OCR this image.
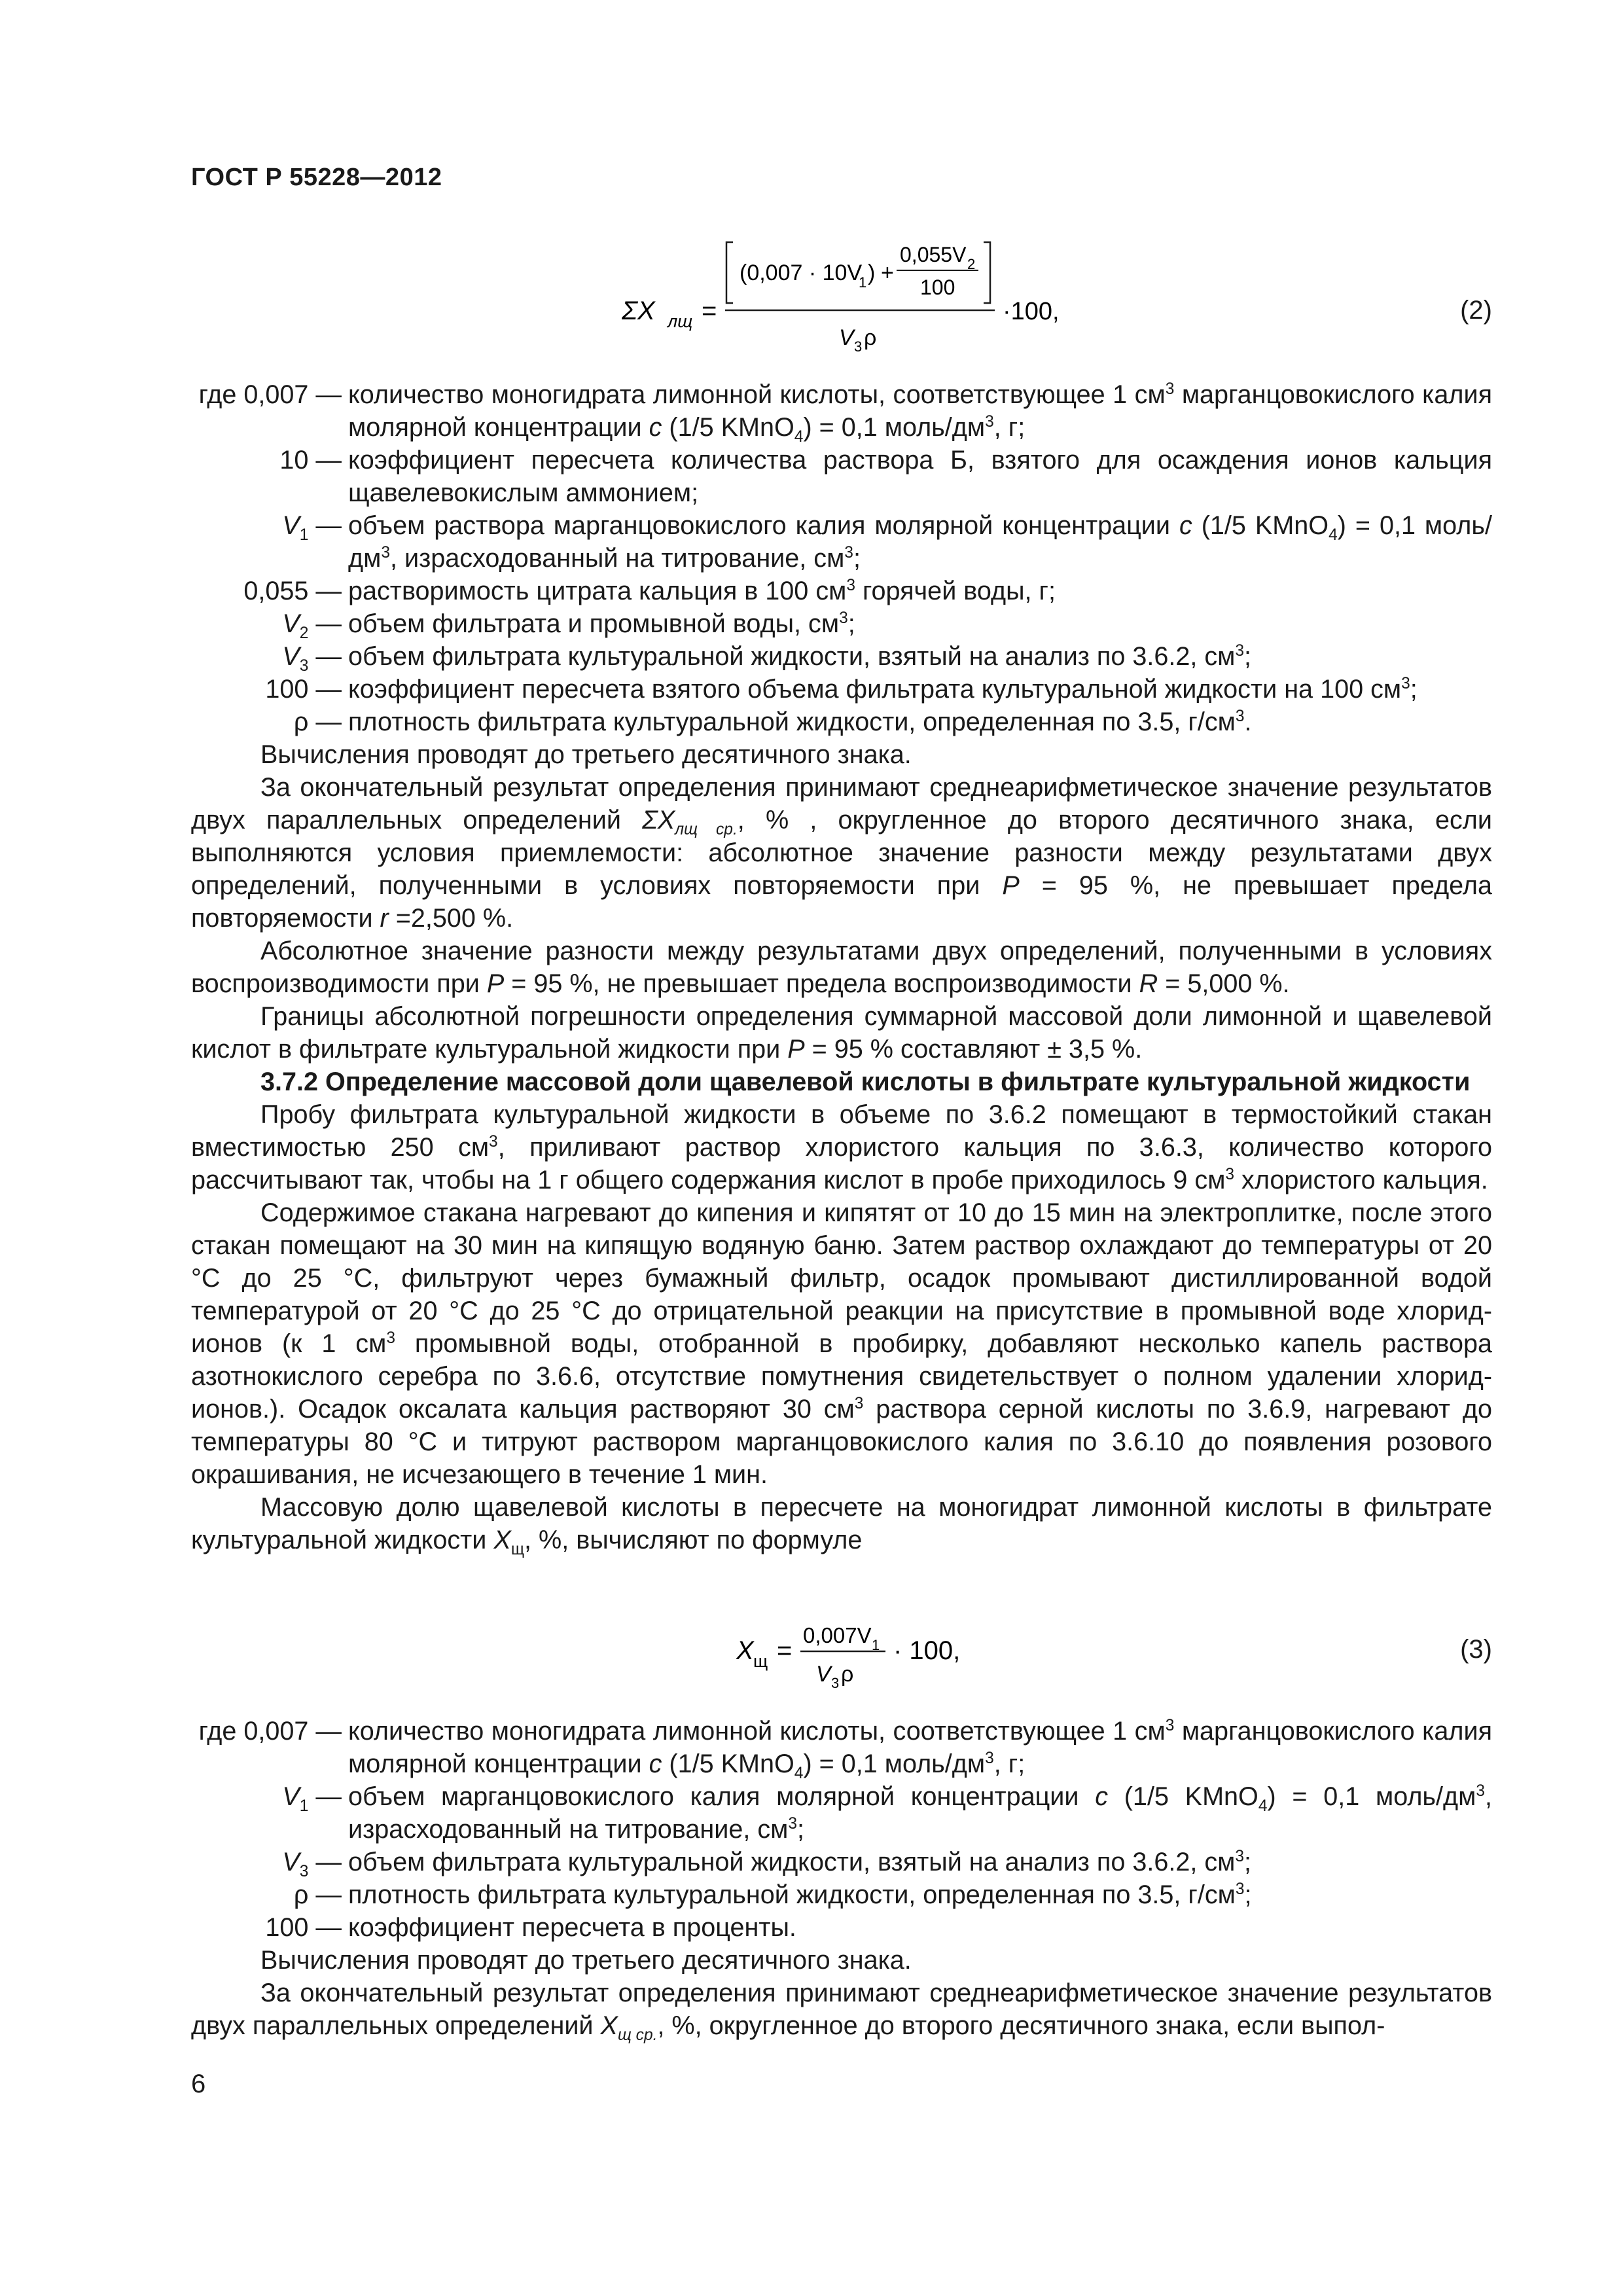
ГОСТ Р 55228—2012
ΣX лщ =
(0,007 · 10V
1 ) +
0,055V 2
100
V 3 ρ
·100,	(2)
где 0,007 — количество моногидрата лимонной кислоты, соответствующее 1 $см^3$ марганцовокислого калия молярной концентрации с (1/5 KMnO$_4$) = 0,1 моль/$дм^3$, г;
10 — коэффициент пересчета количества раствора Б, взятого для осаждения ионов кальция щавелевокислым аммонием;
$V_1$ — объем раствора марганцовокислого калия молярной концентрации с (1/5 KMnO$_4$) = 0,1 моль/$дм^3$, израсходованный на титрование, $см^3$;
0,055 — растворимость цитрата кальция в 100 $см^3$ горячей воды, г;
$V_2$ — объем фильтрата и промывной воды, $см^3$;
$V_3$ — объем фильтрата культуральной жидкости, взятый на анализ по 3.6.2, $см^3$;
100 — коэффициент пересчета взятого объема фильтрата культуральной жидкости на 100 $см^3$;
ρ — плотность фильтрата культуральной жидкости, определенная по 3.5, $г/см^3$.

Вычисления проводят до третьего десятичного знака.

За окончательный результат определения принимают среднеарифметическое значение результатов двух параллельных определений $\Sigma X_{лщ ср.}$, % , округленное до второго десятичного знака, если выполняются условия приемлемости: абсолютное значение разности между результатами двух определений, полученными в условиях повторяемости при P = 95 %, не превышает предела повторяемости r =2,500 %.

Абсолютное значение разности между результатами двух определений, полученными в условиях воспроизводимости при P = 95 %, не превышает предела воспроизводимости R = 5,000 %.

Границы абсолютной погрешности определения суммарной массовой доли лимонной и щавелевой кислот в фильтрате культуральной жидкости при P = 95 % составляют ± 3,5 %.

3.7.2 Определение массовой доли щавелевой кислоты в фильтрате культуральной жидкости

Пробу фильтрата культуральной жидкости в объеме по 3.6.2 помещают в термостойкий стакан вместимостью 250 $см^3$, приливают раствор хлористого кальция по 3.6.3, количество которого рассчитывают так, чтобы на 1 г общего содержания кислот в пробе приходилось 9 $см^3$ хлористого кальция.

Содержимое стакана нагревают до кипения и кипятят от 10 до 15 мин на электроплитке, после этого стакан помещают на 30 мин на кипящую водяную баню. Затем раствор охлаждают до температуры от 20 °С до 25 °С, фильтруют через бумажный фильтр, осадок промывают дистиллированной водой температурой от 20 °С до 25 °С до отрицательной реакции на присутствие в промывной воде хлорид-ионов (к 1 $см^3$ промывной воды, отобранной в пробирку, добавляют несколько капель раствора азотнокислого серебра по 3.6.6, отсутствие помутнения свидетельствует о полном удалении хлорид-ионов.). Осадок оксалата кальция растворяют 30 $см^3$ раствора серной кислоты по 3.6.9, нагревают до температуры 80 °С и титруют раствором марганцовокислого калия по 3.6.10 до появления розового окрашивания, не исчезающего в течение 1 мин.

Массовую долю щавелевой кислоты в пересчете на моногидрат лимонной кислоты в фильтрате культуральной жидкости $X_щ$, %, вычисляют по формуле

X щ =
0,007V 1
V 3 ρ
· 100,	(3)
где 0,007 — количество моногидрата лимонной кислоты, соответствующее 1 $см^3$ марганцовокислого калия молярной концентрации с (1/5 KMnO$_4$) = 0,1 моль/$дм^3$, г;
$V_1$ — объем марганцовокислого калия молярной концентрации с (1/5 KMnO$_4$) = 0,1 моль/$дм^3$, израсходованный на титрование, $см^3$;
$V_3$ — объем фильтрата культуральной жидкости, взятый на анализ по 3.6.2, $см^3$;
ρ — плотность фильтрата культуральной жидкости, определенная по 3.5, $г/см^3$;
100 — коэффициент пересчета в проценты.

Вычисления проводят до третьего десятичного знака.

За окончательный результат определения принимают среднеарифметическое значение результатов двух параллельных определений $X_{щ ср.}$, %, округленное до второго десятичного знака, если выпол-

6
